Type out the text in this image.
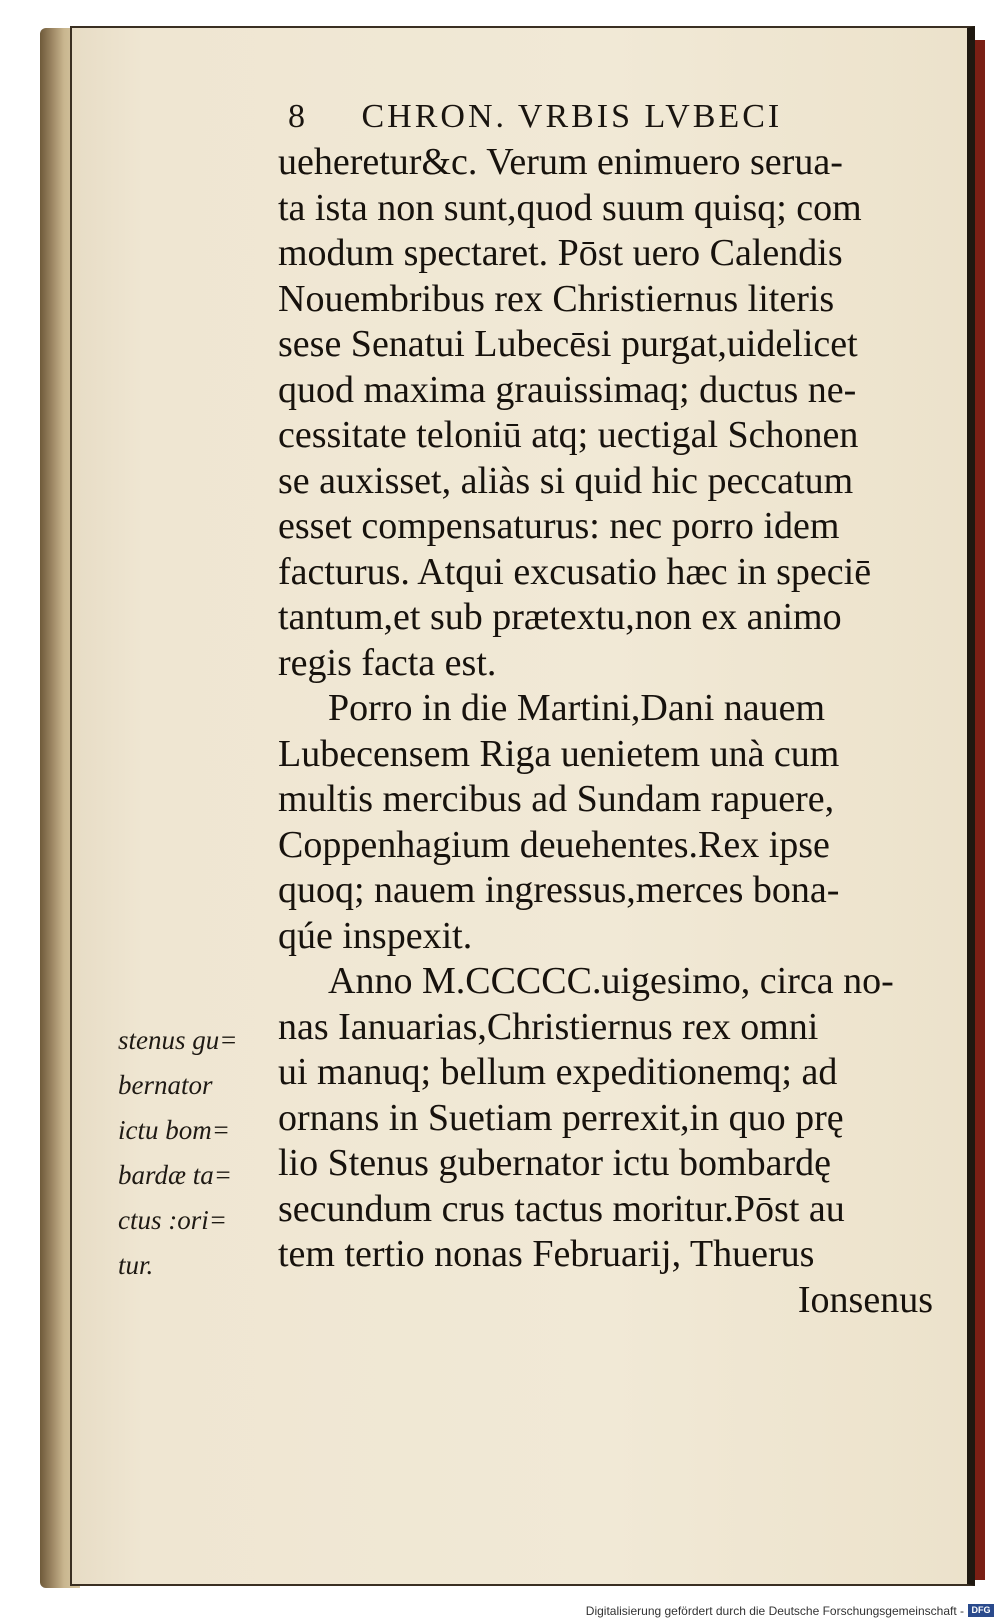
8 CHRON. VRBIS LVBECI
ueheretur&c. Verum enimuero serua-
ta ista non sunt,quod suum quisq; com
modum spectaret. Pōst uero Calendis
Nouembribus rex Christiernus literis
sese Senatui Lubecēsi purgat,uidelicet
quod maxima grauissimaq; ductus ne-
cessitate teloniū atq; uectigal Schonen
se auxisset, aliàs si quid hic peccatum
esset compensaturus: nec porro idem
facturus. Atqui excusatio hæc in speciē
tantum,et sub prætextu,non ex animo
regis facta est.
Porro in die Martini,Dani nauem
Lubecensem Riga uenietem unà cum
multis mercibus ad Sundam rapuere,
Coppenhagium deuehentes.Rex ipse
quoq; nauem ingressus,merces bona-
qúe inspexit.
Anno M.CCCCC.uigesimo, circa no-
nas Ianuarias,Christiernus rex omni
ui manuq; bellum expeditionemq; ad
ornans in Suetiam perrexit,in quo prę
lio Stenus gubernator ictu bombardę
secundum crus tactus moritur.Pōst au
tem tertio nonas Februarij, Thuerus
Ionsenus
stenus gu=
bernator
ictu bom=
bardæ ta=
ctus :ori=
tur.
Digitalisierung gefördert durch die Deutsche Forschungsgemeinschaft - DFG
